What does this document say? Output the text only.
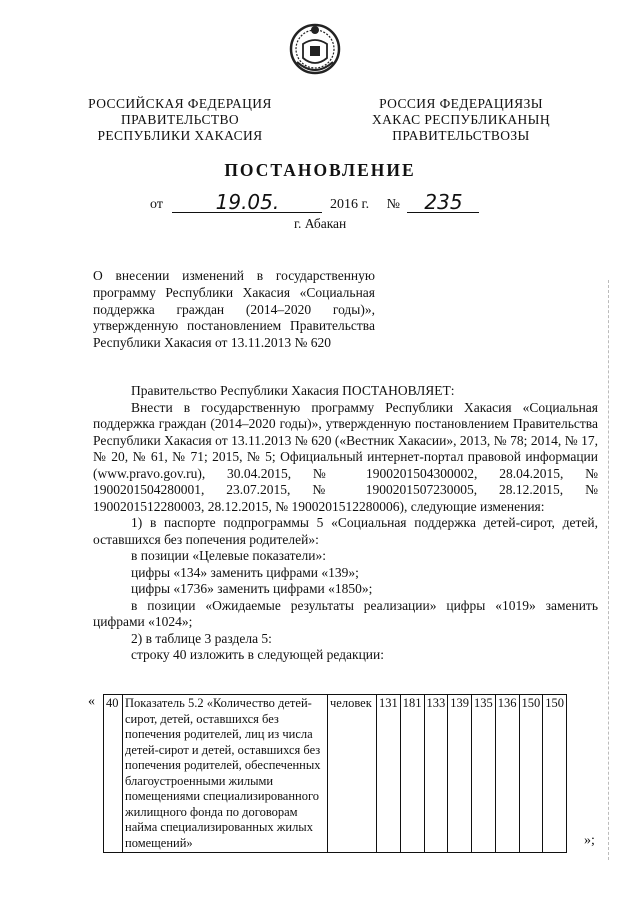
РОССИЙСКАЯ ФЕДЕРАЦИЯ
ПРАВИТЕЛЬСТВО
РЕСПУБЛИКИ ХАКАСИЯ
РОССИЯ ФЕДЕРАЦИЯЗЫ
ХАКАС РЕСПУБЛИКАНЫҢ
ПРАВИТЕЛЬСТВОЗЫ
ПОСТАНОВЛЕНИЕ
от	19.05.	2016 г. № 235
г. Абакан
О внесении изменений в государственную программу Республики Хакасия «Социальная поддержка граждан (2014–2020 годы)», утвержденную постановлением Правительства Республики Хакасия от 13.11.2013 № 620

Правительство Республики Хакасия ПОСТАНОВЛЯЕТ:

Внести в государственную программу Республики Хакасия «Социальная поддержка граждан (2014–2020 годы)», утвержденную постановлением Правительства Республики Хакасия от 13.11.2013 № 620 («Вестник Хакасии», 2013, № 78; 2014, № 17, № 20, № 61, № 71; 2015, № 5; Официальный интернет-портал правовой информации (www.pravo.gov.ru), 30.04.2015, № 1900201504300002, 28.04.2015, № 1900201504280001, 23.07.2015, № 1900201507230005, 28.12.2015, № 1900201512280003, 28.12.2015, № 1900201512280006), следующие изменения:

1) в паспорте подпрограммы 5 «Социальная поддержка детей-сирот, детей, оставшихся без попечения родителей»:

в позиции «Целевые показатели»:

цифры «134» заменить цифрами «139»;

цифры «1736» заменить цифрами «1850»;

в позиции «Ожидаемые результаты реализации» цифры «1019» заменить цифрами «1024»;

2) в таблице 3 раздела 5:

строку 40 изложить в следующей редакции:

« 40	Показатель 5.2 «Количество детей-сирот, детей, оставшихся без попечения родителей, лиц из числа детей-сирот и детей, оставшихся без попечения родителей, обеспеченных благоустроенными жилыми помещениями специализированного жилищного фонда по договорам найма специализированных жилых помещений»	человек	131	181	133	139	135	136	150	150
»;
